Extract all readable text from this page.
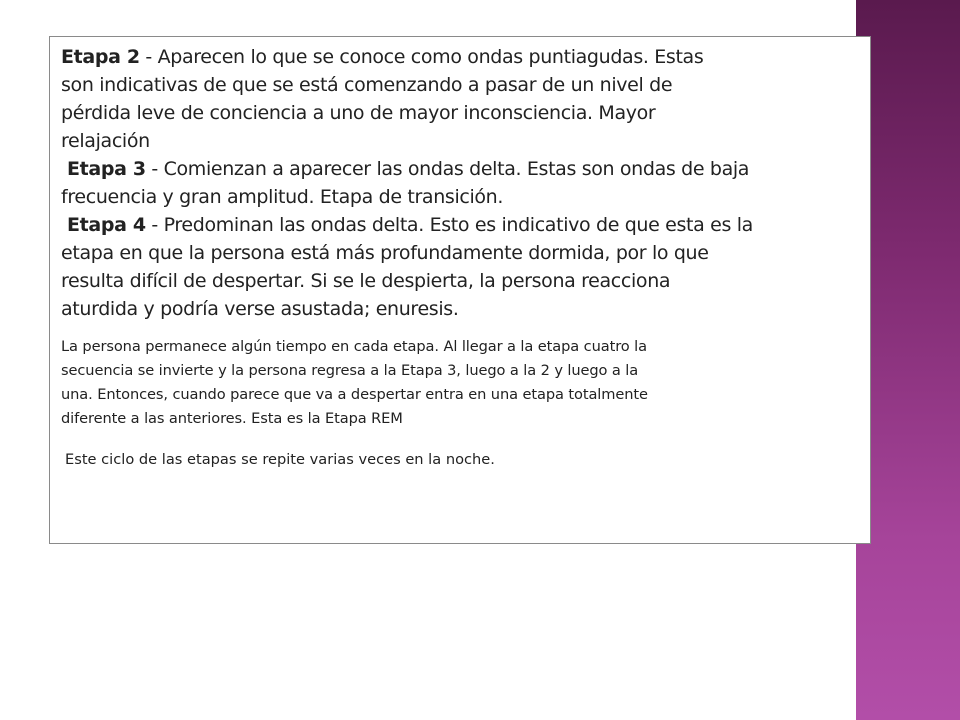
Etapa 2 - Aparecen lo que se conoce como ondas puntiagudas. Estas
son indicativas de que se está comenzando a pasar de un nivel de
pérdida leve de conciencia a uno de mayor inconsciencia. Mayor
relajación
Etapa 3 - Comienzan a aparecer las ondas delta. Estas son ondas de baja
frecuencia y gran amplitud. Etapa de transición.
Etapa 4 - Predominan las ondas delta. Esto es indicativo de que esta es la
etapa en que la persona está más profundamente dormida, por lo que
resulta difícil de despertar. Si se le despierta, la persona reacciona
aturdida y podría verse asustada; enuresis.

La persona permanece algún tiempo en cada etapa. Al llegar a la etapa cuatro la
secuencia se invierte y la persona regresa a la Etapa 3, luego a la 2 y luego a la
una. Entonces, cuando parece que va a despertar entra en una etapa totalmente
diferente a las anteriores. Esta es la Etapa REM

Este ciclo de las etapas se repite varias veces en la noche.
